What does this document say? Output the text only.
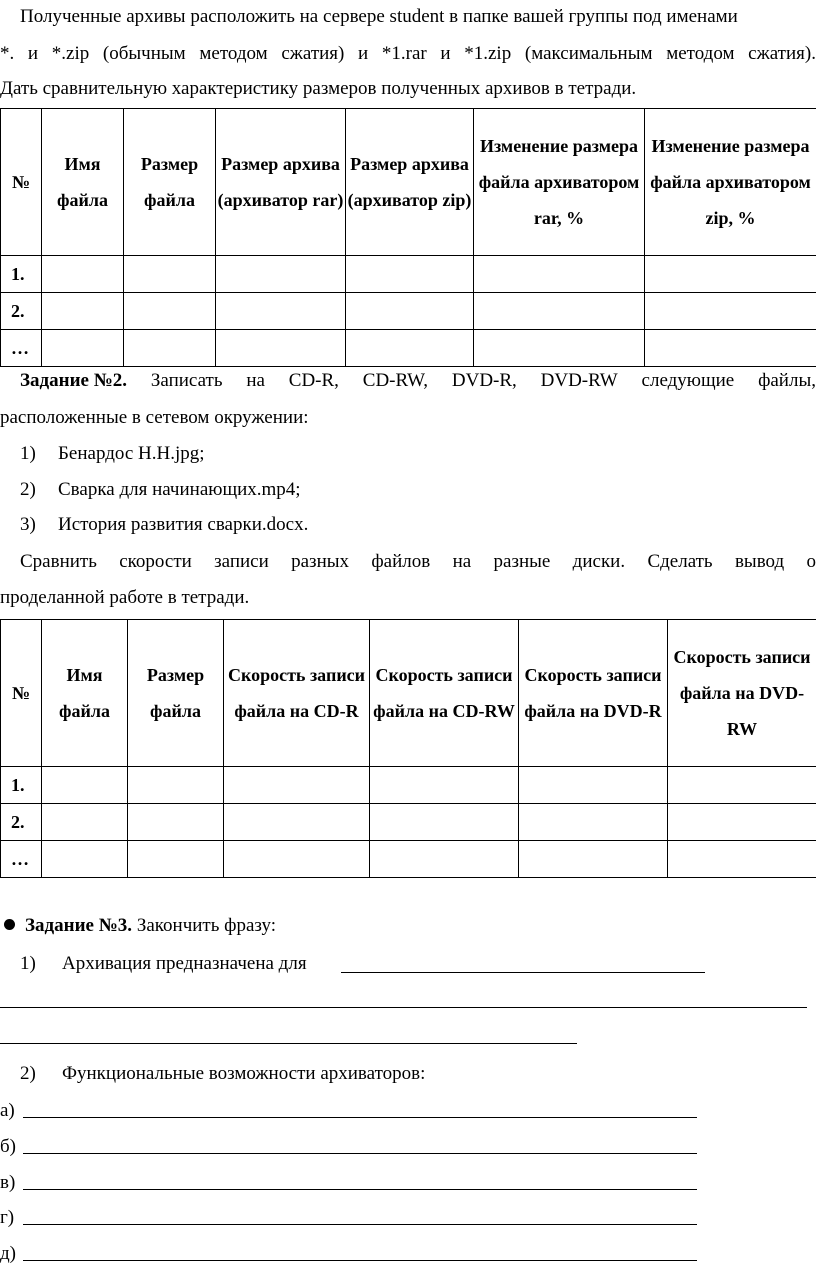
Полученные архивы расположить на сервере student в папке вашей группы под именами
*. и *.zip (обычным методом сжатия) и *1.rar и *1.zip (максимальным методом сжатия).
Дать сравнительную характеристику размеров полученных архивов в тетради.
№	Имя файла	Размер файла	Размер архива (архиватор rar)	Размер архива (архиватор zip)	Изменение размера файла архиватором rar, %	Изменение размера файла архиватором zip, %
1.						
2.						
…						
Задание №2. Записать на CD-R, CD-RW, DVD-R, DVD-RW следующие файлы,
расположенные в сетевом окружении:
1) Бенардос Н.Н.jpg;
2) Сварка для начинающих.mp4;
3) История развития сварки.docx.
Сравнить скорости записи разных файлов на разные диски. Сделать вывод о
проделанной работе в тетради.
№	Имя файла	Размер файла	Скорость записи файла на CD-R	Скорость записи файла на CD-RW	Скорость записи файла на DVD-R	Скорость записи файла на DVD-RW
1.						
2.						
…						
Задание №3. Закончить фразу:
1) Архивация предназначена для
2) Функциональные возможности архиваторов:
а)
б)
в)
г)
д)
